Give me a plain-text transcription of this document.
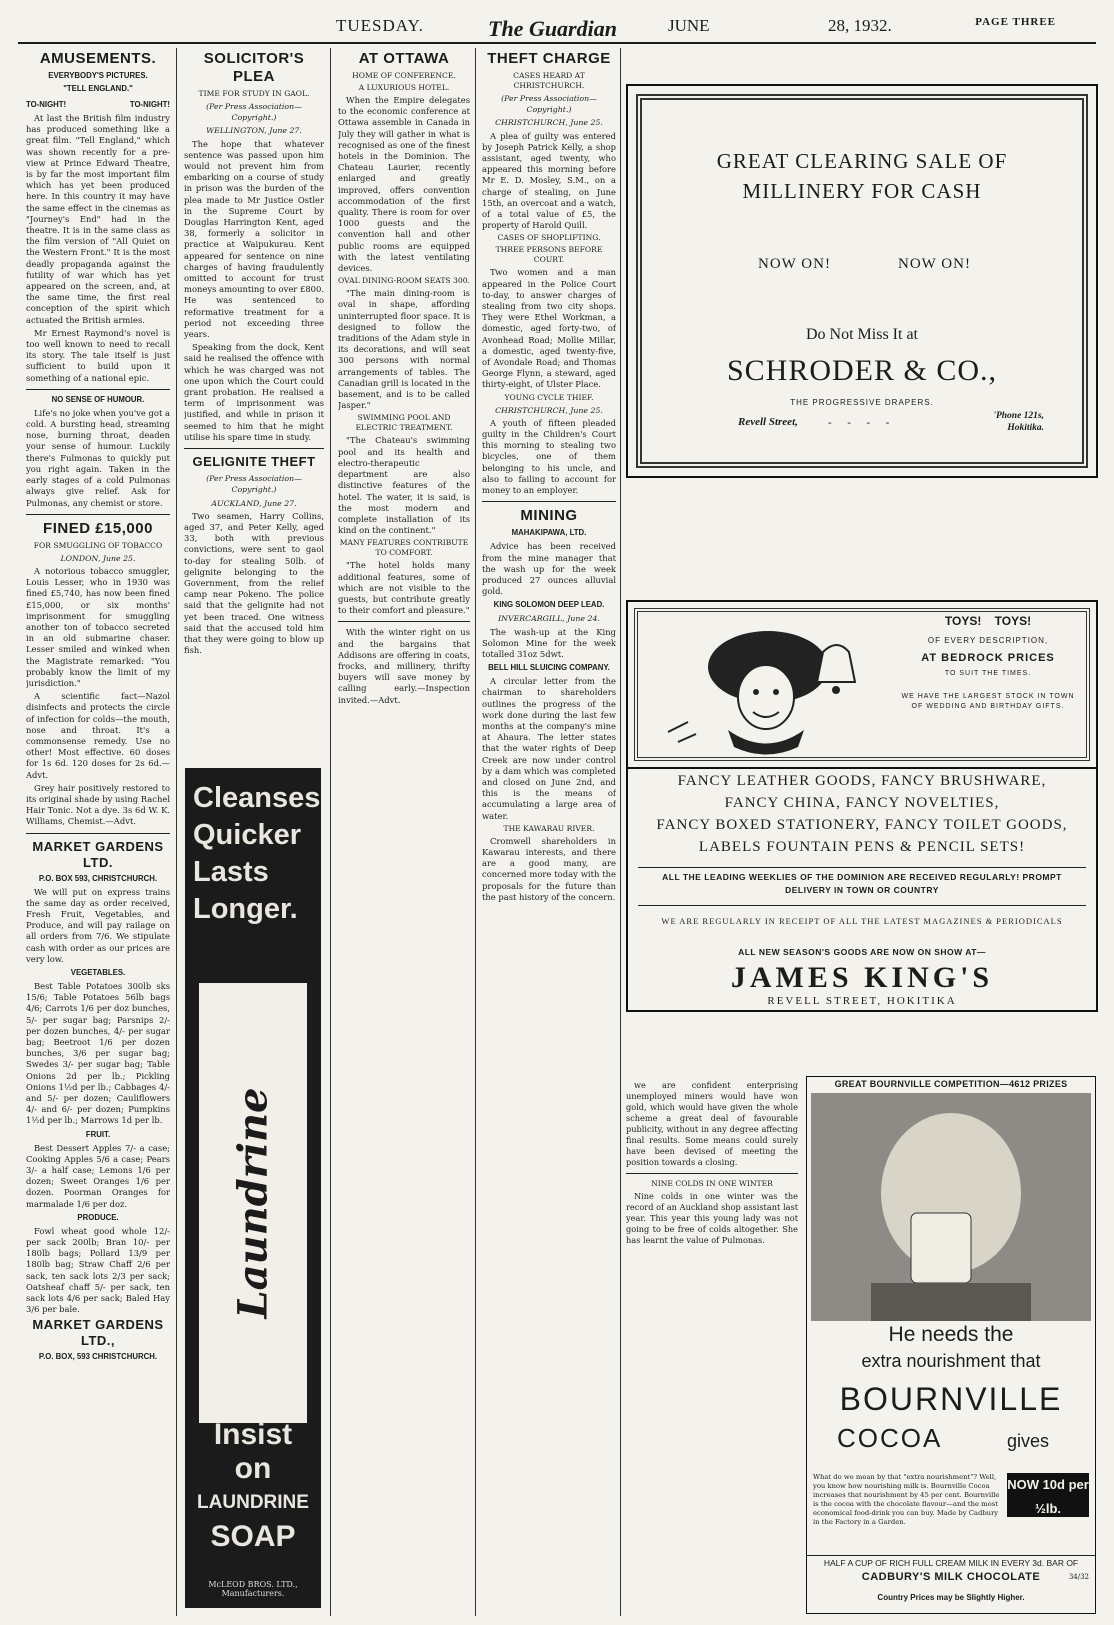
TUESDAY.	The Guardian	JUNE	28, 1932.	PAGE THREE
AMUSEMENTS.
EVERYBODY'S PICTURES.
"TELL ENGLAND."
TO-NIGHT!	TO-NIGHT!

At last the British film industry has produced something like a great film. "Tell England," which was shown recently for a pre-view at Prince Edward Theatre, is by far the most important film which has yet been produced here. In this country it may have the same effect in the cinemas as "Journey's End" had in the theatre. It is in the same class as the film version of "All Quiet on the Western Front." It is the most deadly propaganda against the futility of war which has yet appeared on the screen, and, at the same time, the first real conception of the spirit which actuated the British armies.

Mr Ernest Raymond's novel is too well known to need to recall its story. The tale itself is just sufficient to build upon it something of a national epic.

NO SENSE OF HUMOUR.

Life's no joke when you've got a cold. A bursting head, streaming nose, burning throat, deaden your sense of humour. Luckily there's Fulmonas to quickly put you right again. Taken in the early stages of a cold Pulmonas always give relief. Ask for Pulmonas, any chemist or store.

FINED £15,000
FOR SMUGGLING OF TOBACCO
LONDON, June 25.

A notorious tobacco smuggler, Louis Lesser, who in 1930 was fined £5,740, has now been fined £15,000, or six months' imprisonment for smuggling another ton of tobacco secreted in an old submarine chaser. Lesser smiled and winked when the Magistrate remarked: "You probably know the limit of my jurisdiction."

A scientific fact—Nazol disinfects and protects the circle of infection for colds—the mouth, nose and throat. It's a commonsense remedy. Use no other! Most effective. 60 doses for 1s 6d. 120 doses for 2s 6d.—Advt.

Grey hair positively restored to its original shade by using Rachel Hair Tonic. Not a dye. 3s 6d W. K. Williams, Chemist.—Advt.

MARKET GARDENS LTD.
P.O. BOX 593, CHRISTCHURCH.

We will put on express trains the same day as order received, Fresh Fruit, Vegetables, and Produce, and will pay railage on all orders from 7/6. We stipulate cash with order as our prices are very low.

VEGETABLES.

Best Table Potatoes 300lb sks 15/6; Table Potatoes 56lb bags 4/6; Carrots 1/6 per doz bunches, 5/- per sugar bag; Parsnips 2/- per dozen bunches, 4/- per sugar bag; Beetroot 1/6 per dozen bunches, 3/6 per sugar bag; Swedes 3/- per sugar bag; Table Onions 2d per lb.; Pickling Onions 1½d per lb.; Cabbages 4/- and 5/- per dozen; Cauliflowers 4/- and 6/- per dozen; Pumpkins 1½d per lb.; Marrows 1d per lb.

FRUIT.

Best Dessert Apples 7/- a case; Cooking Apples 5/6 a case; Pears 3/- a half case; Lemons 1/6 per dozen; Sweet Oranges 1/6 per dozen. Poorman Oranges for marmalade 1/6 per doz.

PRODUCE.

Fowl wheat good whole 12/- per sack 200lb; Bran 10/- per 180lb bags; Pollard 13/9 per 180lb bag; Straw Chaff 2/6 per sack, ten sack lots 2/3 per sack; Oatsheaf chaff 5/- per sack, ten sack lots 4/6 per sack; Baled Hay 3/6 per bale.

MARKET GARDENS LTD.,
P.O. BOX, 593 CHRISTCHURCH.
SOLICITOR'S PLEA
TIME FOR STUDY IN GAOL.
(Per Press Association— Copyright.)
WELLINGTON, June 27.

The hope that whatever sentence was passed upon him would not prevent him from embarking on a course of study in prison was the burden of the plea made to Mr Justice Ostler in the Supreme Court by Douglas Harrington Kent, aged 38, formerly a solicitor in practice at Waipukurau. Kent appeared for sentence on nine charges of having fraudulently omitted to account for trust moneys amounting to over £800. He was sentenced to reformative treatment for a period not exceeding three years.

Speaking from the dock, Kent said he realised the offence with which he was charged was not one upon which the Court could grant probation. He realised a term of imprisonment was justified, and while in prison it seemed to him that he might utilise his spare time in study.

GELIGNITE THEFT
(Per Press Association— Copyright.)
AUCKLAND, June 27.

Two seamen, Harry Collins, aged 37, and Peter Kelly, aged 33, both with previous convictions, were sent to gaol to-day for stealing 50lb. of gelignite belonging to the Government, from the relief camp near Pokeno. The police said that the gelignite had not yet been traced. One witness said that the accused told him that they were going to blow up fish.

Cleanses
Quicker
Lasts
Longer.
Laundrine
Insist
on
LAUNDRINE
SOAP
McLEOD BROS. LTD., Manufacturers.
AT OTTAWA
HOME OF CONFERENCE.
A LUXURIOUS HOTEL.

When the Empire delegates to the economic conference at Ottawa assemble in Canada in July they will gather in what is recognised as one of the finest hotels in the Dominion. The Chateau Laurier, recently enlarged and greatly improved, offers convention accommodation of the first quality. There is room for over 1000 guests and the convention hall and other public rooms are equipped with the latest ventilating devices.

OVAL DINING-ROOM SEATS 300.

"The main dining-room is oval in shape, affording uninterrupted floor space. It is designed to follow the traditions of the Adam style in its decorations, and will seat 300 persons with normal arrangements of tables. The Canadian grill is located in the basement, and is to be called Jasper."

SWIMMING POOL AND ELECTRIC TREATMENT.

"The Chateau's swimming pool and its health and electro-therapeutic department are also distinctive features of the hotel. The water, it is said, is the most modern and complete installation of its kind on the continent."

MANY FEATURES CONTRIBUTE TO COMFORT.

"The hotel holds many additional features, some of which are not visible to the guests, but contribute greatly to their comfort and pleasure."

With the winter right on us and the bargains that Addisons are offering in coats, frocks, and millinery, thrifty buyers will save money by calling early.—Inspection invited.—Advt.

THEFT CHARGE
CASES HEARD AT CHRISTCHURCH.
(Per Press Association— Copyright.)
CHRISTCHURCH, June 25.

A plea of guilty was entered by Joseph Patrick Kelly, a shop assistant, aged twenty, who appeared this morning before Mr E. D. Mosley, S.M., on a charge of stealing, on June 15th, an overcoat and a watch, of a total value of £5, the property of Harold Quill.

CASES OF SHOPLIFTING.
THREE PERSONS BEFORE COURT.

Two women and a man appeared in the Police Court to-day, to answer charges of stealing from two city shops. They were Ethel Workman, a domestic, aged forty-two, of Avonhead Road; Mollie Millar, a domestic, aged twenty-five, of Avondale Road; and Thomas George Flynn, a steward, aged thirty-eight, of Ulster Place.

YOUNG CYCLE THIEF.
CHRISTCHURCH, June 25.

A youth of fifteen pleaded guilty in the Children's Court this morning to stealing two bicycles, one of them belonging to his uncle, and also to failing to account for money to an employer.

MINING
MAHAKIPAWA, LTD.

Advice has been received from the mine manager that the wash up for the week produced 27 ounces alluvial gold.

KING SOLOMON DEEP LEAD.
INVERCARGILL, June 24.

The wash-up at the King Solomon Mine for the week totalled 31oz 5dwt.

BELL HILL SLUICING COMPANY.

A circular letter from the chairman to shareholders outlines the progress of the work done during the last few months at the company's mine at Ahaura. The letter states that the water rights of Deep Creek are now under control by a dam which was completed and closed on June 2nd, and this is the means of accumulating a large area of water.

THE KAWARAU RIVER.

Cromwell shareholders in Kawarau interests, and there are a good many, are concerned more today with the proposals for the future than the past history of the concern.

GREAT CLEARING SALE OF
MILLINERY FOR CASH
NOW ON!	NOW ON!
Do Not Miss It at
SCHRODER & CO.,
THE PROGRESSIVE DRAPERS.
Revell Street,	- - - -	'Phone 121s,
Hokitika.
TOYS! TOYS!
OF EVERY DESCRIPTION,
AT BEDROCK PRICES
TO SUIT THE TIMES.
WE HAVE THE LARGEST STOCK IN TOWN OF WEDDING AND BIRTHDAY GIFTS.
FANCY LEATHER GOODS, FANCY BRUSHWARE,
FANCY CHINA, FANCY NOVELTIES,
FANCY BOXED STATIONERY, FANCY TOILET GOODS,
LABELS FOUNTAIN PENS & PENCIL SETS!
ALL THE LEADING WEEKLIES OF THE DOMINION ARE RECEIVED REGULARLY! PROMPT DELIVERY IN TOWN OR COUNTRY
WE ARE REGULARLY IN RECEIPT OF ALL THE LATEST MAGAZINES & PERIODICALS
ALL NEW SEASON'S GOODS ARE NOW ON SHOW AT—
JAMES KING'S
REVELL STREET, HOKITIKA

we are confident enterprising unemployed miners would have won gold, which would have given the whole scheme a great deal of favourable publicity, without in any degree affecting final results. Some means could surely have been devised of meeting the position towards a closing.

NINE COLDS IN ONE WINTER

Nine colds in one winter was the record of an Auckland shop assistant last year. This year this young lady was not going to be free of colds altogether. She has learnt the value of Pulmonas.

GREAT BOURNVILLE COMPETITION—4612 PRIZES
He needs the
extra nourishment that
BOURNVILLE
COCOA	gives
What do we mean by that "extra nourishment"? Well, you know how nourishing milk is. Bournville Cocoa increases that nourishment by 45 per cent. Bournville is the cocoa with the chocolate flavour—and the most economical food-drink you can buy. Made by Cadbury in the Factory in a Garden.
NOW 10d per ½lb.
½lb.-1/7, 1lb.-3/-
HALF A CUP OF RICH FULL CREAM MILK IN EVERY 3d. BAR OF
CADBURY'S MILK CHOCOLATE	34/32
Country Prices may be Slightly Higher.
